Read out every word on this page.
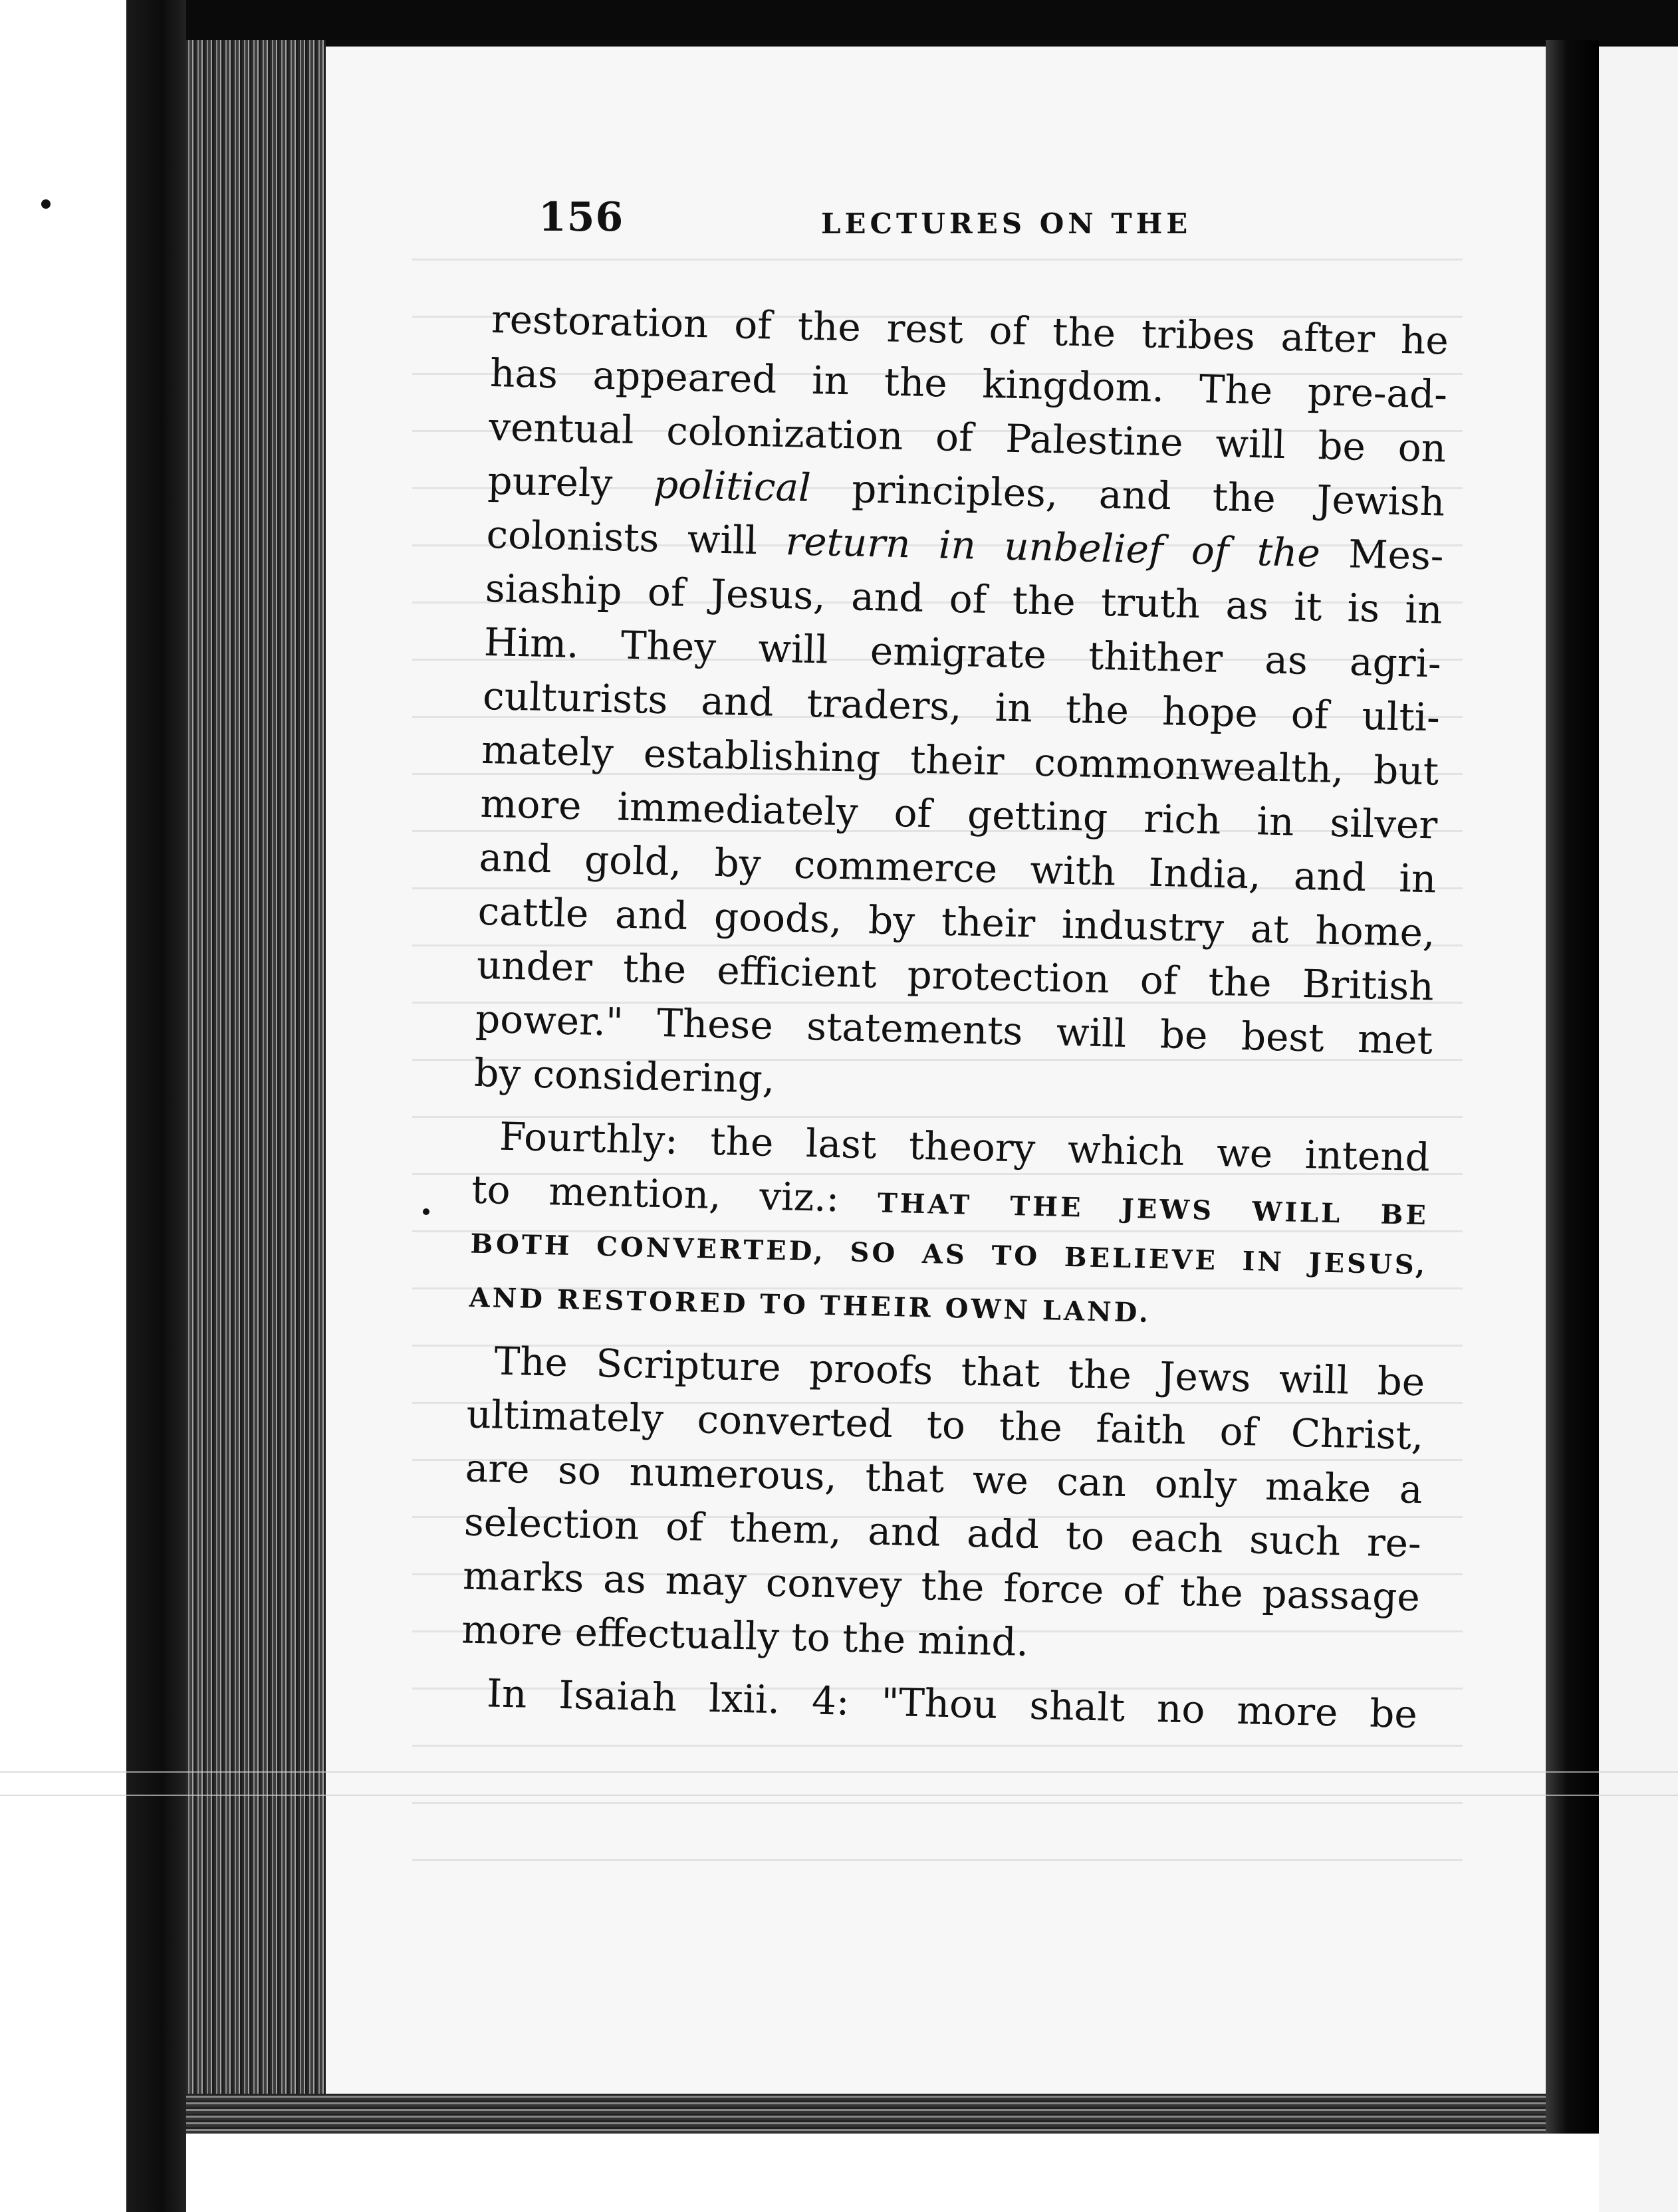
156	LECTURES ON THE
restoration of the rest of the tribes after he
has appeared in the kingdom. The pre-ad-
ventual colonization of Palestine will be on
purely political principles, and the Jewish
colonists will return in unbelief of the Mes-
siaship of Jesus, and of the truth as it is in
Him. They will emigrate thither as agri-
culturists and traders, in the hope of ulti-
mately establishing their commonwealth, but
more immediately of getting rich in silver
and gold, by commerce with India, and in
cattle and goods, by their industry at home,
under the efficient protection of the British
power." These statements will be best met
by considering,
Fourthly: the last theory which we intend
to mention, viz.: THAT THE JEWS WILL BE
BOTH CONVERTED, SO AS TO BELIEVE IN JESUS,
AND RESTORED TO THEIR OWN LAND.
The Scripture proofs that the Jews will be
ultimately converted to the faith of Christ,
are so numerous, that we can only make a
selection of them, and add to each such re-
marks as may convey the force of the passage
more effectually to the mind.
In Isaiah lxii. 4: "Thou shalt no more be
